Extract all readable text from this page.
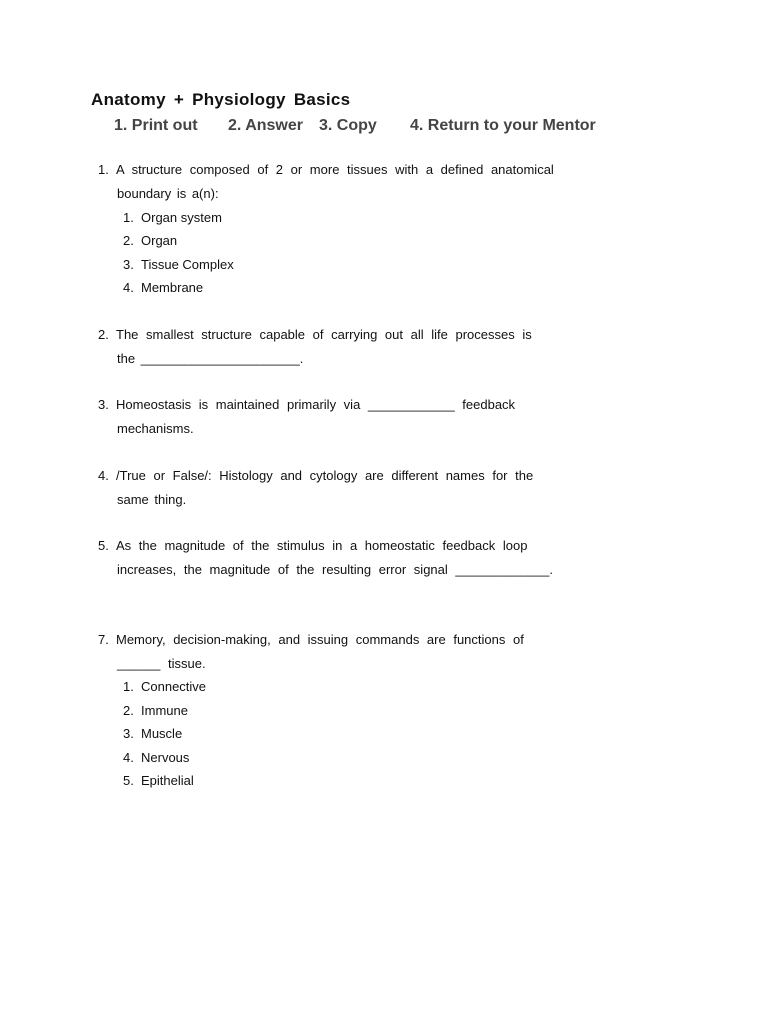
Anatomy + Physiology Basics
1. Print out 2. Answer 3. Copy 4. Return to your Mentor
1. A structure composed of 2 or more tissues with a defined anatomical
boundary is a(n):
1. Organ system
2. Organ
3. Tissue Complex
4. Membrane
2. The smallest structure capable of carrying out all life processes is
the ______________________.
3. Homeostasis is maintained primarily via ____________ feedback
mechanisms.
4. /True or False/: Histology and cytology are different names for the
same thing.
5. As the magnitude of the stimulus in a homeostatic feedback loop
increases, the magnitude of the resulting error signal _____________.
7. Memory, decision-making, and issuing commands are functions of
______ tissue.
1. Connective
2. Immune
3. Muscle
4. Nervous
5. Epithelial
